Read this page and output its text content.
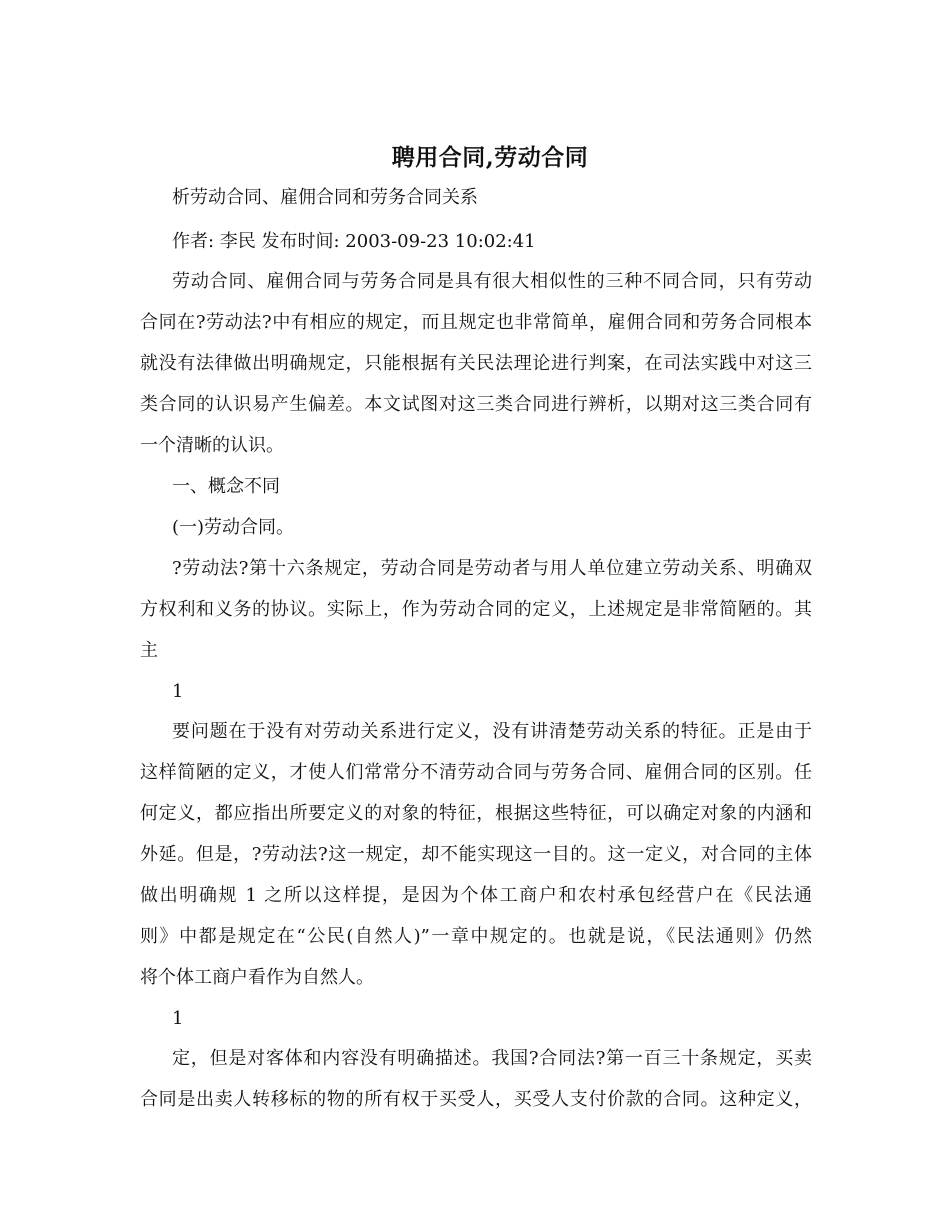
聘用合同,劳动合同
析劳动合同、雇佣合同和劳务合同关系
作者: 李民 发布时间: 2003-09-23 10:02:41
劳动合同、雇佣合同与劳务合同是具有很大相似性的三种不同合同，只有劳动
合同在?劳动法?中有相应的规定，而且规定也非常简单，雇佣合同和劳务合同根本
就没有法律做出明确规定，只能根据有关民法理论进行判案，在司法实践中对这三
类合同的认识易产生偏差。本文试图对这三类合同进行辨析，以期对这三类合同有
一个清晰的认识。
一、概念不同
(一)劳动合同。
?劳动法?第十六条规定，劳动合同是劳动者与用人单位建立劳动关系、明确双
方权利和义务的协议。实际上，作为劳动合同的定义，上述规定是非常简陋的。其
主
1
要问题在于没有对劳动关系进行定义，没有讲清楚劳动关系的特征。正是由于
这样简陋的定义，才使人们常常分不清劳动合同与劳务合同、雇佣合同的区别。任
何定义，都应指出所要定义的对象的特征，根据这些特征，可以确定对象的内涵和
外延。但是，?劳动法?这一规定，却不能实现这一目的。这一定义，对合同的主体
做出明确规 1 之所以这样提，是因为个体工商户和农村承包经营户在《民法通
则》中都是规定在“公民(自然人)”一章中规定的。也就是说，《民法通则》仍然
将个体工商户看作为自然人。
1
定，但是对客体和内容没有明确描述。我国?合同法?第一百三十条规定，买卖
合同是出卖人转移标的物的所有权于买受人，买受人支付价款的合同。这种定义，
